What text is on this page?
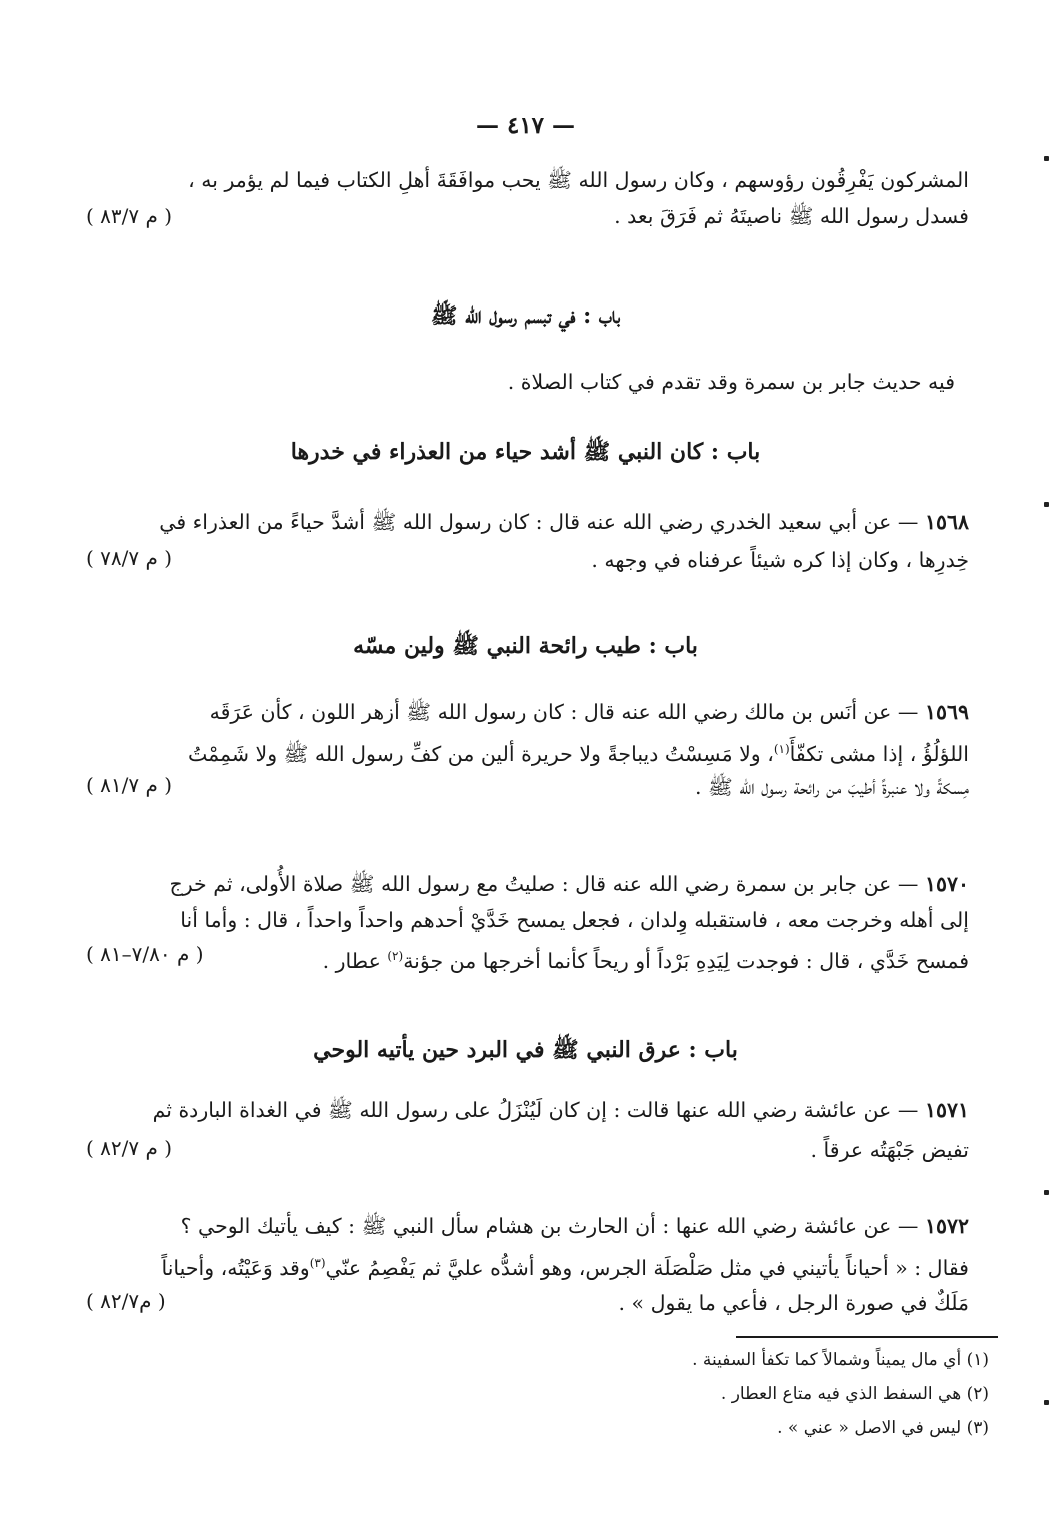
— ٤١٧ —
المشركون يَفْرِقُون رؤوسهم ، وكان رسول الله ﷺ يحب موافَقَةَ أهلِ الكتاب فيما لم يؤمر به ،
فسدل رسول الله ﷺ ناصيتَهُ ثم فَرَقَ بعد .
( م ٨٣/٧ )
باب : في تبسم رسول الله ﷺ
فيه حديث جابر بن سمرة وقد تقدم في كتاب الصلاة .
باب : كان النبي ﷺ أشد حياء من العذراء في خدرها
١٥٦٨ — عن أبي سعيد الخدري رضي الله عنه قال : كان رسول الله ﷺ أشدَّ حياءً من العذراء في
خِدرِها ، وكان إذا كره شيئاً عرفناه في وجهه .
( م ٧٨/٧ )
باب : طيب رائحة النبي ﷺ ولين مسّه
١٥٦٩ — عن أنَس بن مالك رضي الله عنه قال : كان رسول الله ﷺ أزهر اللون ، كأن عَرَقَه
اللؤلُؤُ ، إذا مشى تكفّأَ$^{(١)}$، ولا مَسِسْتُ ديباجةً ولا حريرة ألين من كفِّ رسول الله ﷺ ولا شَمِمْتُ
مِسكةً ولا عنبرةً أطيبَ من رائحة رسول الله ﷺ .
( م ٨١/٧ )
١٥٧٠ — عن جابر بن سمرة رضي الله عنه قال : صليتُ مع رسول الله ﷺ صلاة الأُولى، ثم خرج
إلى أهله وخرجت معه ، فاستقبله وِلدان ، فجعل يمسح خَدَّيْ أحدهم واحداً واحداً ، قال : وأما أنا
فمسح خَدَّي ، قال : فوجدت لِيَدِهِ بَرْداً أو ريحاً كأنما أخرجها من جؤنة$^{(٢)}$ عطار .
( م ٧/٨٠–٨١ )
باب : عرق النبي ﷺ في البرد حين يأتيه الوحي
١٥٧١ — عن عائشة رضي الله عنها قالت : إن كان لَيُنْزَلُ على رسول الله ﷺ في الغداة الباردة ثم
تفيض جَبْهَتُه عرقاً .
( م ٨٢/٧ )
١٥٧٢ — عن عائشة رضي الله عنها : أن الحارث بن هشام سأل النبي ﷺ : كيف يأتيك الوحي ؟
فقال : « أحياناً يأتيني في مثل صَلْصَلَة الجرس، وهو أشدُّه عليَّ ثم يَفْصِمُ عنّي$^{(٣)}$وقد وَعَيْتُه، وأحياناً
مَلَكٌ في صورة الرجل ، فأعي ما يقول » .
( م٨٢/٧ )
(١) أي مال يميناً وشمالاً كما تكفأ السفينة .
(٢) هي السفط الذي فيه متاع العطار .
(٣) ليس في الاصل « عني » .
